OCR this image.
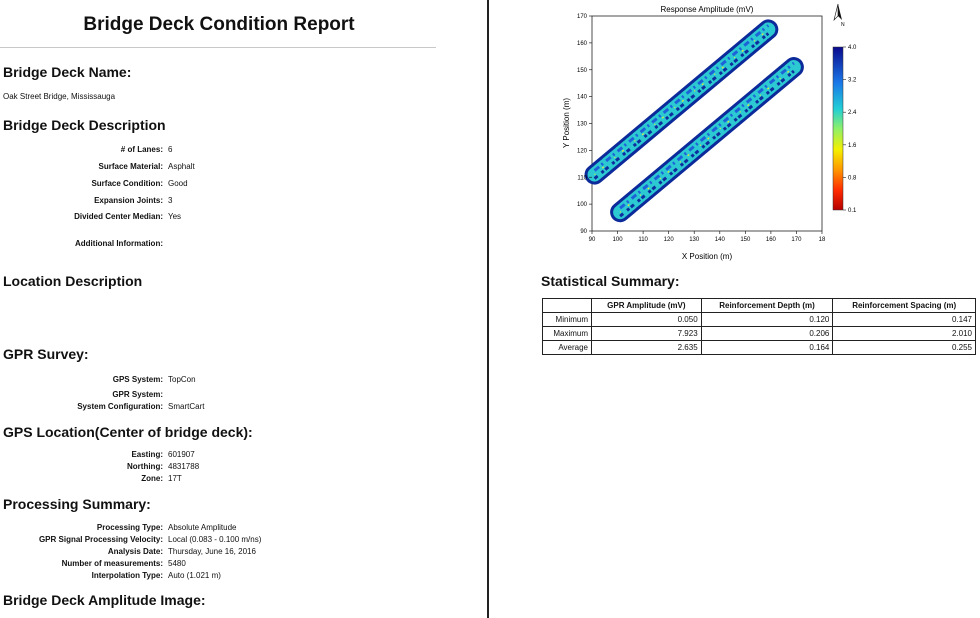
Bridge Deck Condition Report
Bridge Deck Name:
Oak Street Bridge, Mississauga
Bridge Deck Description
# of Lanes: 6
Surface Material: Asphalt
Surface Condition: Good
Expansion Joints: 3
Divided Center Median: Yes
Additional Information:
Location Description
GPR Survey:
GPS System: TopCon
GPR System:
System Configuration: SmartCart
GPS Location(Center of bridge deck):
Easting: 601907
Northing: 4831788
Zone: 17T
Processing Summary:
Processing Type: Absolute Amplitude
GPR Signal Processing Velocity: Local (0.083 - 0.100 m/ns)
Analysis Date: Thursday, June 16, 2016
Number of measurements: 5480
Interpolation Type: Auto (1.021 m)
Bridge Deck Amplitude Image:
Response Amplitude (mV)
90	100	110	120	130	140	150	160	170	18
90
100
110
120
130
140
150
160
170
X Position (m)
Y Position (m)
N
4.0
3.2
2.4
1.6
0.8
0.1
Statistical Summary:
	GPR Amplitude (mV)	Reinforcement Depth (m)	Reinforcement Spacing (m)
Minimum	0.050	0.120	0.147
Maximum	7.923	0.206	2.010
Average	2.635	0.164	0.255
